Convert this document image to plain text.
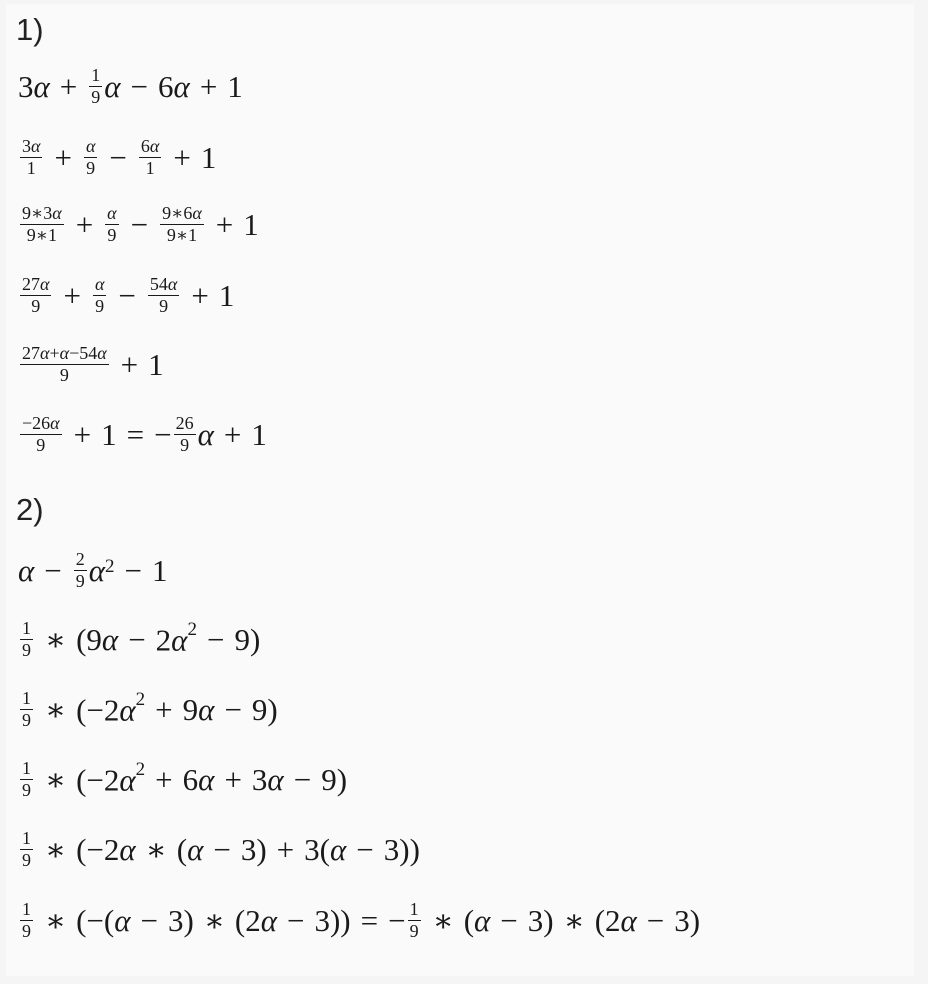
1)
$3\alpha + \frac{1}{9}$ α − 6α + 1
$\frac{3\alpha}{1} + \frac{\alpha}{9} - \frac{6\alpha}{1} + 1$
$\frac{9∗3\alpha}{9∗1} + \frac{\alpha}{9} - \frac{9∗6\alpha}{9∗1} + 1$
$\frac{27\alpha}{9} + \frac{\alpha}{9} - \frac{54\alpha}{9} + 1$
$\frac{27\alpha+\alpha-54\alpha}{9} + 1$
$\frac{-26\alpha}{9} + 1$ = − $\frac{26}{9}$ α + 1
2)
$\alpha - \frac{2}{9} \alpha^2 - 1$
$\frac{1}{9}$ ∗ $(9\alpha - 2\alpha^2 - 9)$
$\frac{1}{9}$ ∗ $(-2\alpha^2 + 9\alpha - 9)$
$\frac{1}{9}$ ∗ $(-2\alpha^2 + 6\alpha + 3\alpha - 9)$
$\frac{1}{9}$ ∗ (−2α ∗ (α − 3) + 3(α − 3))
$\frac{1}{9}$ ∗ (−(α − 3) ∗ (2α − 3)) = − $\frac{1}{9}$ ∗ (α − 3) ∗ (2α − 3)
